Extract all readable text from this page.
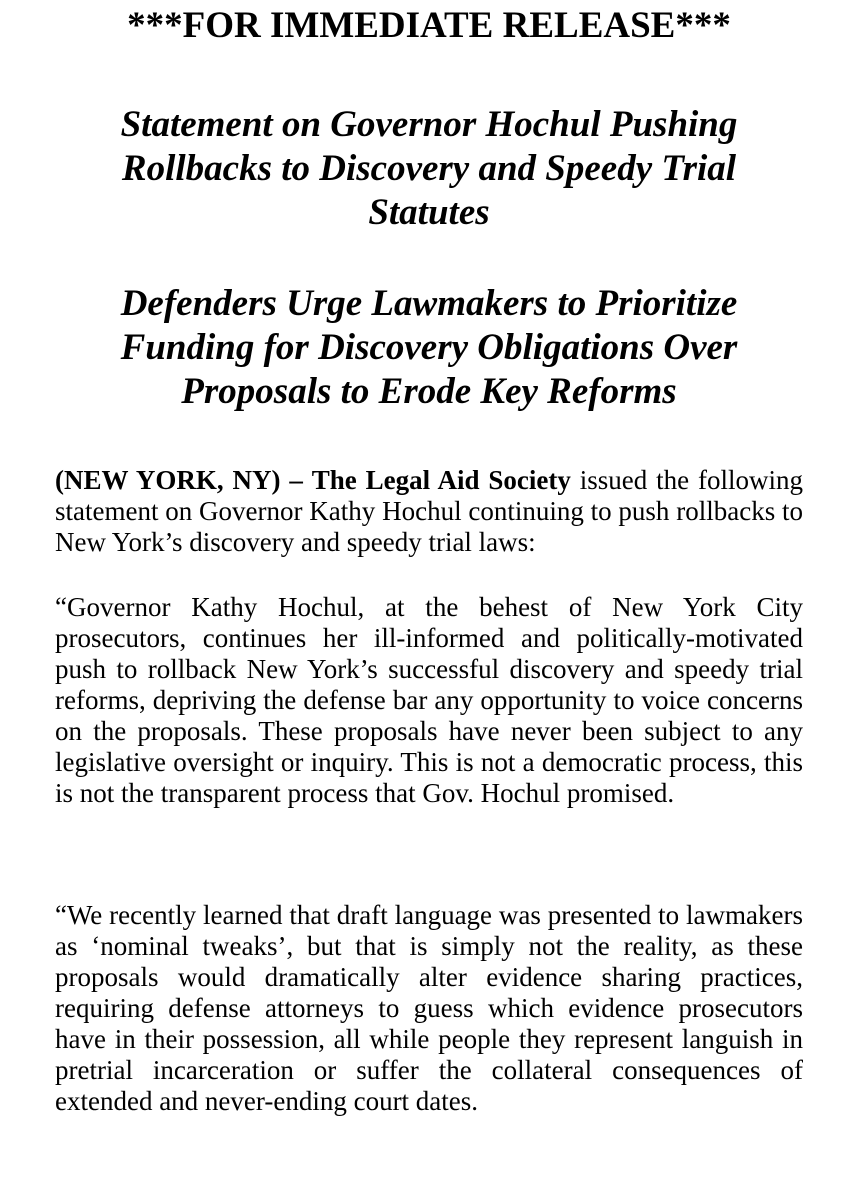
***FOR IMMEDIATE RELEASE***
Statement on Governor Hochul Pushing Rollbacks to Discovery and Speedy Trial Statutes
Defenders Urge Lawmakers to Prioritize Funding for Discovery Obligations Over Proposals to Erode Key Reforms

(NEW YORK, NY) – The Legal Aid Society issued the following statement on Governor Kathy Hochul continuing to push rollbacks to New York’s discovery and speedy trial laws:

“Governor Kathy Hochul, at the behest of New York City prosecutors, continues her ill-informed and politically-motivated push to rollback New York’s successful discovery and speedy trial reforms, depriving the defense bar any opportunity to voice concerns on the proposals. These proposals have never been subject to any legislative oversight or inquiry. This is not a democratic process, this is not the transparent process that Gov. Hochul promised.

“We recently learned that draft language was presented to lawmakers as ‘nominal tweaks’, but that is simply not the reality, as these proposals would dramatically alter evidence sharing practices, requiring defense attorneys to guess which evidence prosecutors have in their possession, all while people they represent languish in pretrial incarceration or suffer the collateral consequences of extended and never-ending court dates.
